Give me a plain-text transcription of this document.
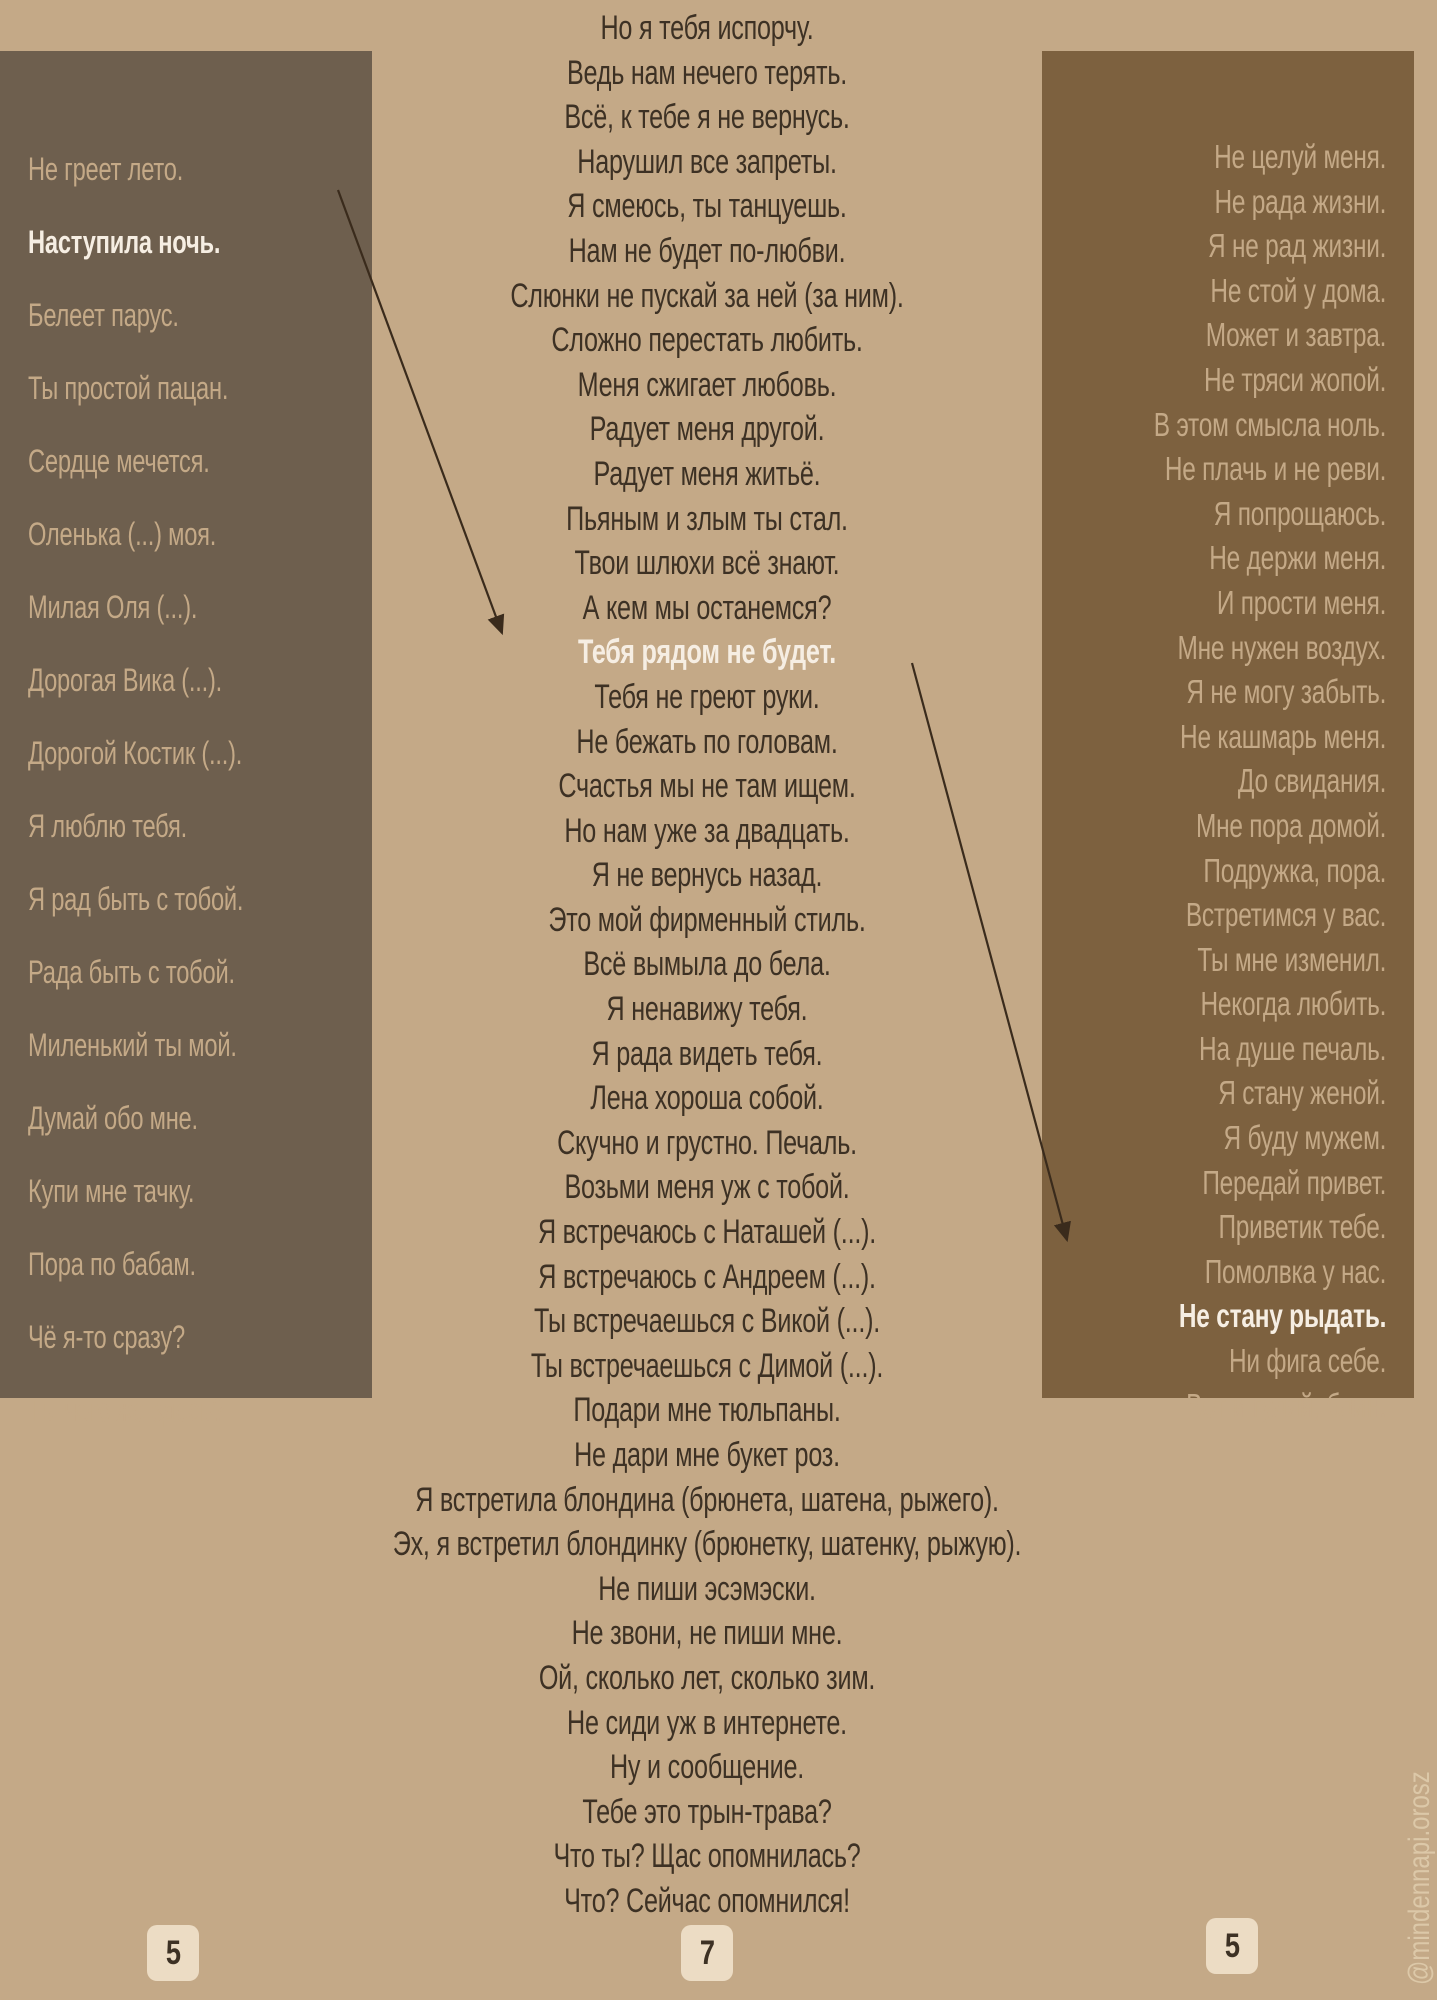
Не греет лето.
Наступила ночь.
Белеет парус.
Ты простой пацан.
Сердце мечется.
Оленька (...) моя.
Милая Оля (...).
Дорогая Вика (...).
Дорогой Костик (...).
Я люблю тебя.
Я рад быть с тобой.
Рада быть с тобой.
Миленький ты мой.
Думай обо мне.
Купи мне тачку.
Пора по бабам.
Чё я-то сразу?
Ты чего же здесь?
Не целуй меня.
Не рада жизни.
Я не рад жизни.
Не стой у дома.
Может и завтра.
Не тряси жопой.
В этом смысла ноль.
Не плачь и не реви.
Я попрощаюсь.
Не держи меня.
И прости меня.
Мне нужен воздух.
Я не могу забыть.
Не кашмарь меня.
До свидания.
Мне пора домой.
Подружка, пора.
Встретимся у вас.
Ты мне изменил.
Некогда любить.
На душе печаль.
Я стану женой.
Я буду мужем.
Передай привет.
Приветик тебе.
Помолвка у нас.
Не стану рыдать.
Ни фига себе.
Вот и гуляй, блин.
Но я тебя испорчу.
Ведь нам нечего терять.
Всё, к тебе я не вернусь.
Нарушил все запреты.
Я смеюсь, ты танцуешь.
Нам не будет по-любви.
Слюнки не пускай за ней (за ним).
Сложно перестать любить.
Меня сжигает любовь.
Радует меня другой.
Радует меня житьё.
Пьяным и злым ты стал.
Твои шлюхи всё знают.
А кем мы останемся?
Тебя рядом не будет.
Тебя не греют руки.
Не бежать по головам.
Счастья мы не там ищем.
Но нам уже за двадцать.
Я не вернусь назад.
Это мой фирменный стиль.
Всё вымыла до бела.
Я ненавижу тебя.
Я рада видеть тебя.
Лена хороша собой.
Скучно и грустно. Печаль.
Возьми меня уж с тобой.
Я встречаюсь с Наташей (...).
Я встречаюсь с Андреем (...).
Ты встречаешься с Викой (...).
Ты встречаешься с Димой (...).
Подари мне тюльпаны.
Не дари мне букет роз.
Я встретила блондина (брюнета, шатена, рыжего).
Эх, я встретил блондинку (брюнетку, шатенку, рыжую).
Не пиши эсэмэски.
Не звони, не пиши мне.
Ой, сколько лет, сколько зим.
Не сиди уж в интернете.
Ну и сообщение.
Тебе это трын-трава?
Что ты? Щас опомнилась?
Что? Сейчас опомнился!
5	7	5	@mindennapi.orosz
